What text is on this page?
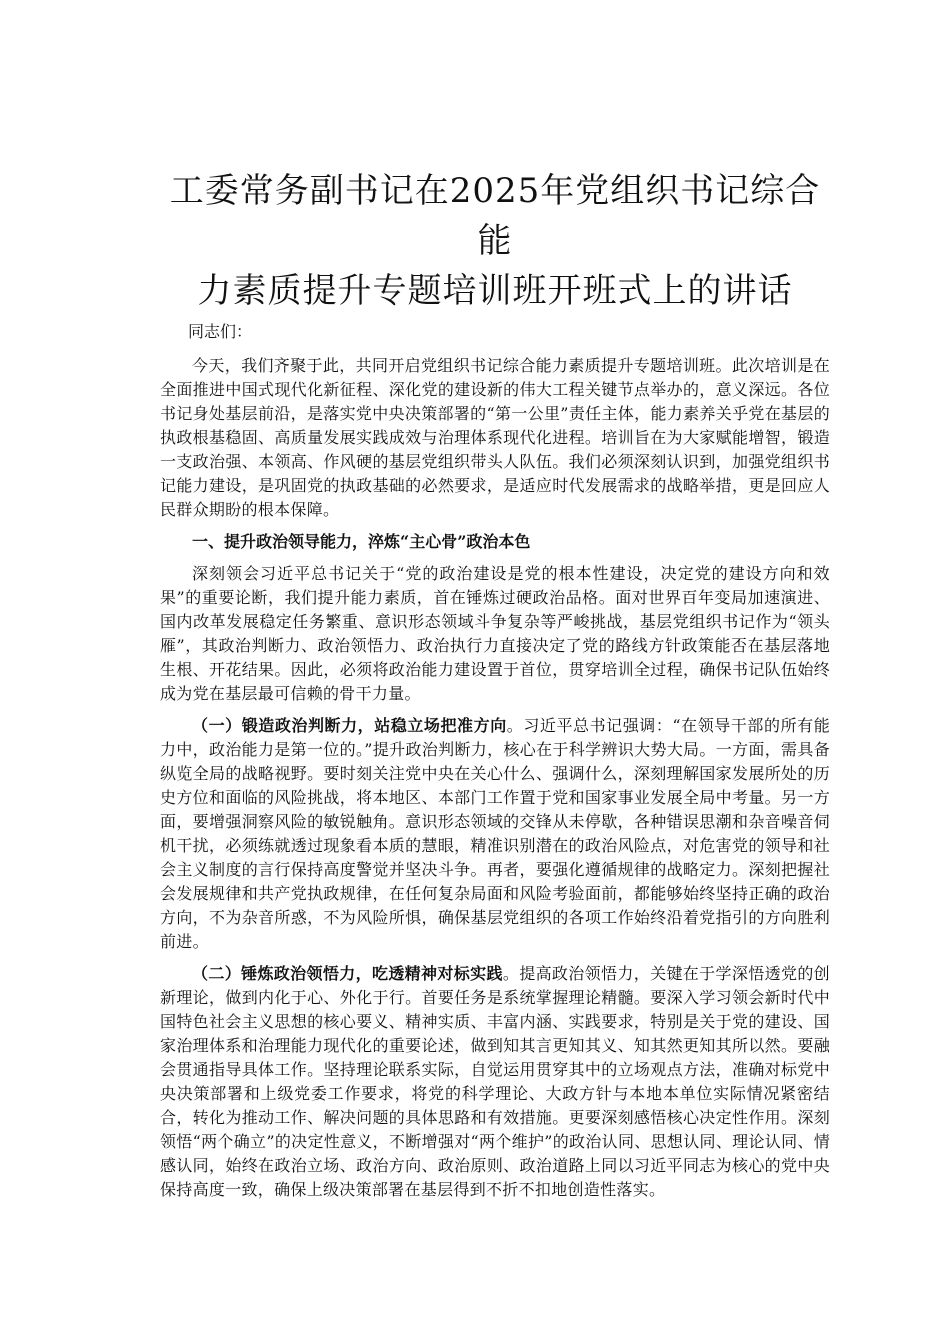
工委常务副书记在2025年党组织书记综合能
力素质提升专题培训班开班式上的讲话

同志们：

今天，我们齐聚于此，共同开启党组织书记综合能力素质提升专题培训班。此次培训是在全面推进中国式现代化新征程、深化党的建设新的伟大工程关键节点举办的，意义深远。各位书记身处基层前沿，是落实党中央决策部署的“第一公里”责任主体，能力素养关乎党在基层的执政根基稳固、高质量发展实践成效与治理体系现代化进程。培训旨在为大家赋能增智，锻造一支政治强、本领高、作风硬的基层党组织带头人队伍。我们必须深刻认识到，加强党组织书记能力建设，是巩固党的执政基础的必然要求，是适应时代发展需求的战略举措，更是回应人民群众期盼的根本保障。

一、提升政治领导能力，淬炼“主心骨”政治本色

深刻领会习近平总书记关于“党的政治建设是党的根本性建设，决定党的建设方向和效果”的重要论断，我们提升能力素质，首在锤炼过硬政治品格。面对世界百年变局加速演进、国内改革发展稳定任务繁重、意识形态领域斗争复杂等严峻挑战，基层党组织书记作为“领头雁”，其政治判断力、政治领悟力、政治执行力直接决定了党的路线方针政策能否在基层落地生根、开花结果。因此，必须将政治能力建设置于首位，贯穿培训全过程，确保书记队伍始终成为党在基层最可信赖的骨干力量。

（一）锻造政治判断力，站稳立场把准方向。习近平总书记强调：“在领导干部的所有能力中，政治能力是第一位的。”提升政治判断力，核心在于科学辨识大势大局。一方面，需具备纵览全局的战略视野。要时刻关注党中央在关心什么、强调什么，深刻理解国家发展所处的历史方位和面临的风险挑战，将本地区、本部门工作置于党和国家事业发展全局中考量。另一方面，要增强洞察风险的敏锐触角。意识形态领域的交锋从未停歇，各种错误思潮和杂音噪音伺机干扰，必须练就透过现象看本质的慧眼，精准识别潜在的政治风险点，对危害党的领导和社会主义制度的言行保持高度警觉并坚决斗争。再者，要强化遵循规律的战略定力。深刻把握社会发展规律和共产党执政规律，在任何复杂局面和风险考验面前，都能够始终坚持正确的政治方向，不为杂音所惑，不为风险所惧，确保基层党组织的各项工作始终沿着党指引的方向胜利前进。

（二）锤炼政治领悟力，吃透精神对标实践。提高政治领悟力，关键在于学深悟透党的创新理论，做到内化于心、外化于行。首要任务是系统掌握理论精髓。要深入学习领会新时代中国特色社会主义思想的核心要义、精神实质、丰富内涵、实践要求，特别是关于党的建设、国家治理体系和治理能力现代化的重要论述，做到知其言更知其义、知其然更知其所以然。要融会贯通指导具体工作。坚持理论联系实际，自觉运用贯穿其中的立场观点方法，准确对标党中央决策部署和上级党委工作要求，将党的科学理论、大政方针与本地本单位实际情况紧密结合，转化为推动工作、解决问题的具体思路和有效措施。更要深刻感悟核心决定性作用。深刻领悟“两个确立”的决定性意义，不断增强对“两个维护”的政治认同、思想认同、理论认同、情感认同，始终在政治立场、政治方向、政治原则、政治道路上同以习近平同志为核心的党中央保持高度一致，确保上级决策部署在基层得到不折不扣地创造性落实。
